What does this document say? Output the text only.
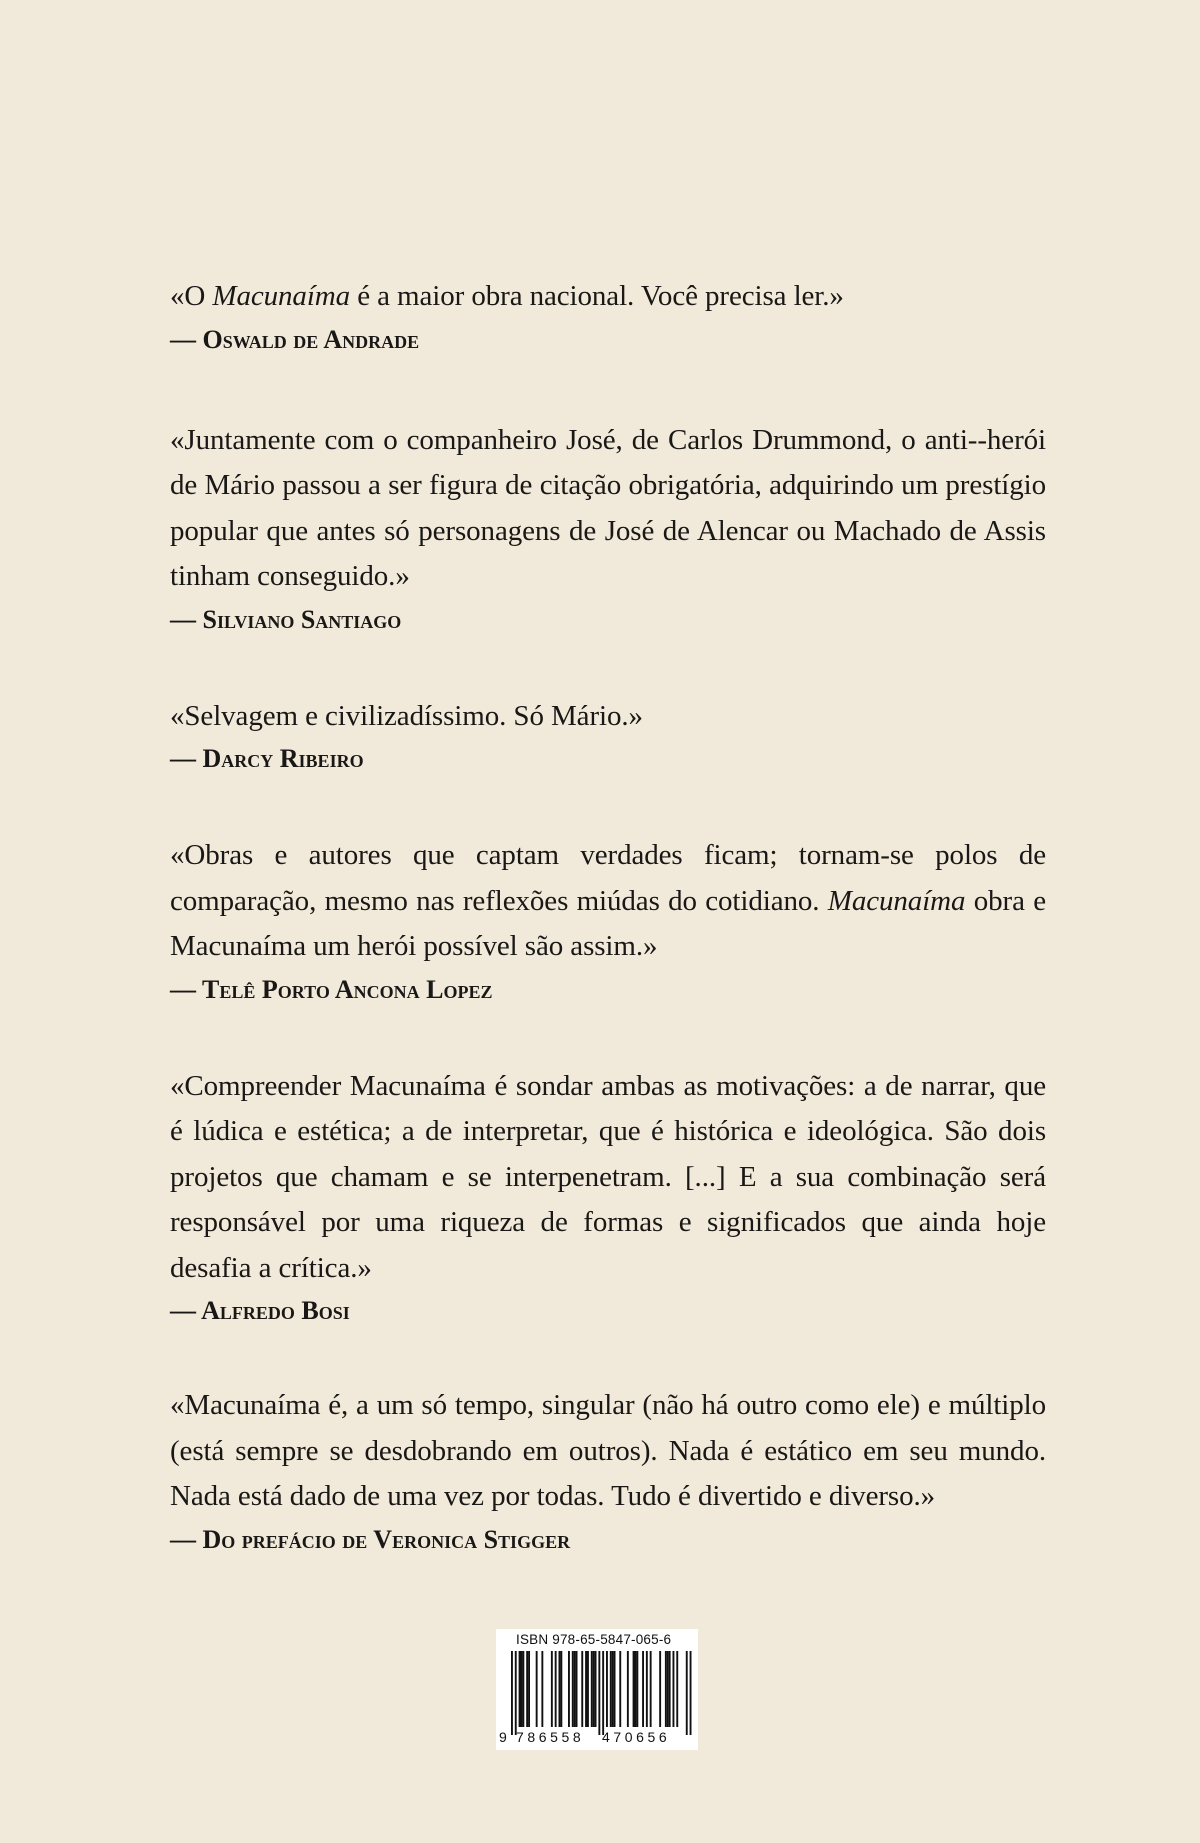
«O Macunaíma é a maior obra nacional. Você precisa ler.»

— Oswald de Andrade

«Juntamente com o companheiro José, de Carlos Drummond, o anti--herói de Mário passou a ser figura de citação obrigatória, adquirindo um prestígio popular que antes só personagens de José de Alencar ou Machado de Assis tinham conseguido.»

— Silviano Santiago

«Selvagem e civilizadíssimo. Só Mário.»

— Darcy Ribeiro

«Obras e autores que captam verdades ficam; tornam-se polos de comparação, mesmo nas reflexões miúdas do cotidiano. Macunaíma obra e Macunaíma um herói possível são assim.»

— Telê Porto Ancona Lopez

«Compreender Macunaíma é sondar ambas as motivações: a de narrar, que é lúdica e estética; a de interpretar, que é histórica e ideológica. São dois projetos que chamam e se interpenetram. [...] E a sua combinação será responsável por uma riqueza de formas e significados que ainda hoje desafia a crítica.»

— Alfredo Bosi

«Macunaíma é, a um só tempo, singular (não há outro como ele) e múltiplo (está sempre se desdobrando em outros). Nada é estático em seu mundo. Nada está dado de uma vez por todas. Tudo é divertido e diverso.»

— Do prefácio de Veronica Stigger

ISBN 978-65-5847-065-6
9 786558 470656
